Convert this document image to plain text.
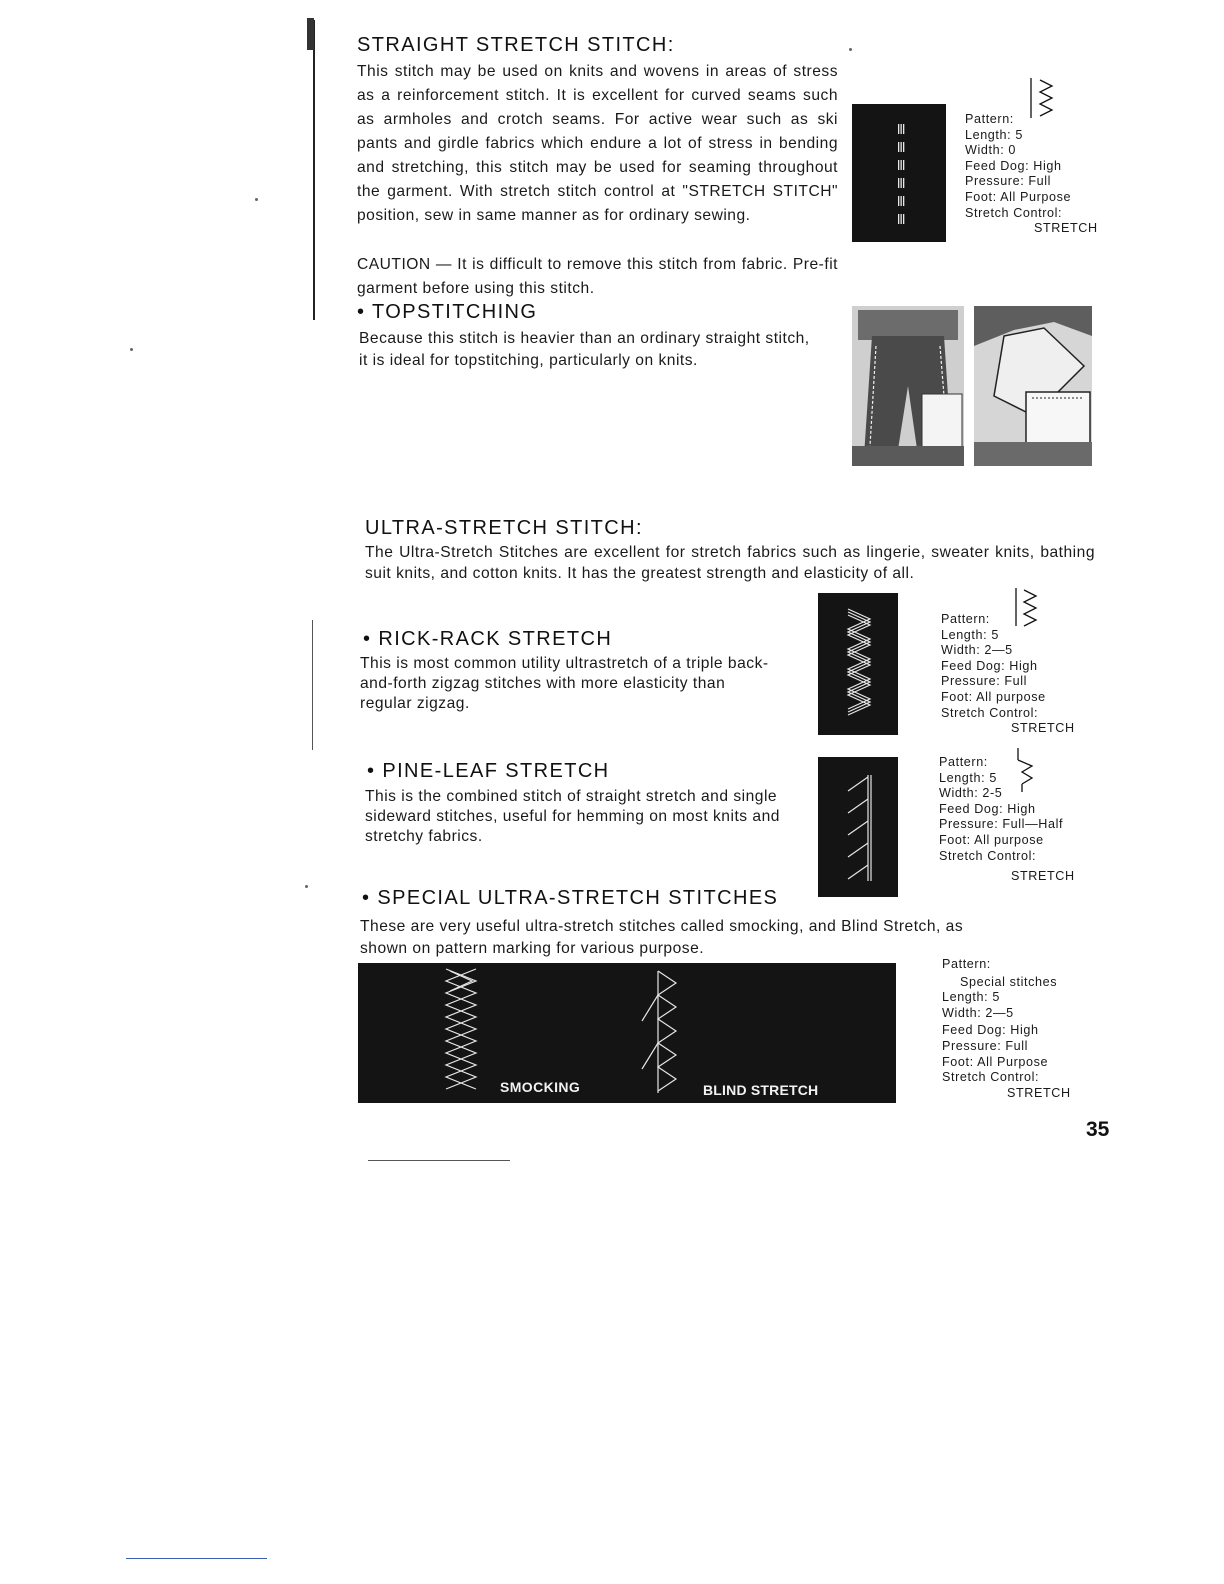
STRAIGHT STRETCH STITCH:
This stitch may be used on knits and wovens in areas of stress as a reinforcement stitch. It is excellent for curved seams such as armholes and crotch seams. For active wear such as ski pants and girdle fabrics which endure a lot of stress in bending and stretching, this stitch may be used for seaming throughout the garment. With stretch stitch control at "STRETCH STITCH" position, sew in same manner as for ordinary sewing.
CAUTION — It is difficult to remove this stitch from fabric. Pre-fit garment before using this stitch.
Pattern:
Length: 5
Width: 0
Feed Dog: High
Pressure: Full
Foot: All Purpose
Stretch Control:
STRETCH
• TOPSTITCHING
Because this stitch is heavier than an ordinary straight stitch, it is ideal for topstitching, particularly on knits.
ULTRA-STRETCH STITCH:
The Ultra-Stretch Stitches are excellent for stretch fabrics such as lingerie, sweater knits, bathing suit knits, and cotton knits. It has the greatest strength and elasticity of all.
• RICK-RACK STRETCH
This is most common utility ultrastretch of a triple back-and-forth zigzag stitches with more elasticity than regular zigzag.
Pattern:
Length: 5
Width: 2—5
Feed Dog: High
Pressure: Full
Foot: All purpose
Stretch Control:
STRETCH
• PINE-LEAF STRETCH
This is the combined stitch of straight stretch and single sideward stitches, useful for hemming on most knits and stretchy fabrics.
Pattern:
Length: 5
Width: 2-5
Feed Dog: High
Pressure: Full—Half
Foot: All purpose
Stretch Control:
STRETCH
• SPECIAL ULTRA-STRETCH STITCHES
These are very useful ultra-stretch stitches called smocking, and Blind Stretch, as shown on pattern marking for various purpose.
SMOCKING	BLIND STRETCH
Pattern:
Special stitches
Length: 5
Width: 2—5
Feed Dog: High
Pressure: Full
Foot: All Purpose
Stretch Control:
STRETCH
35
